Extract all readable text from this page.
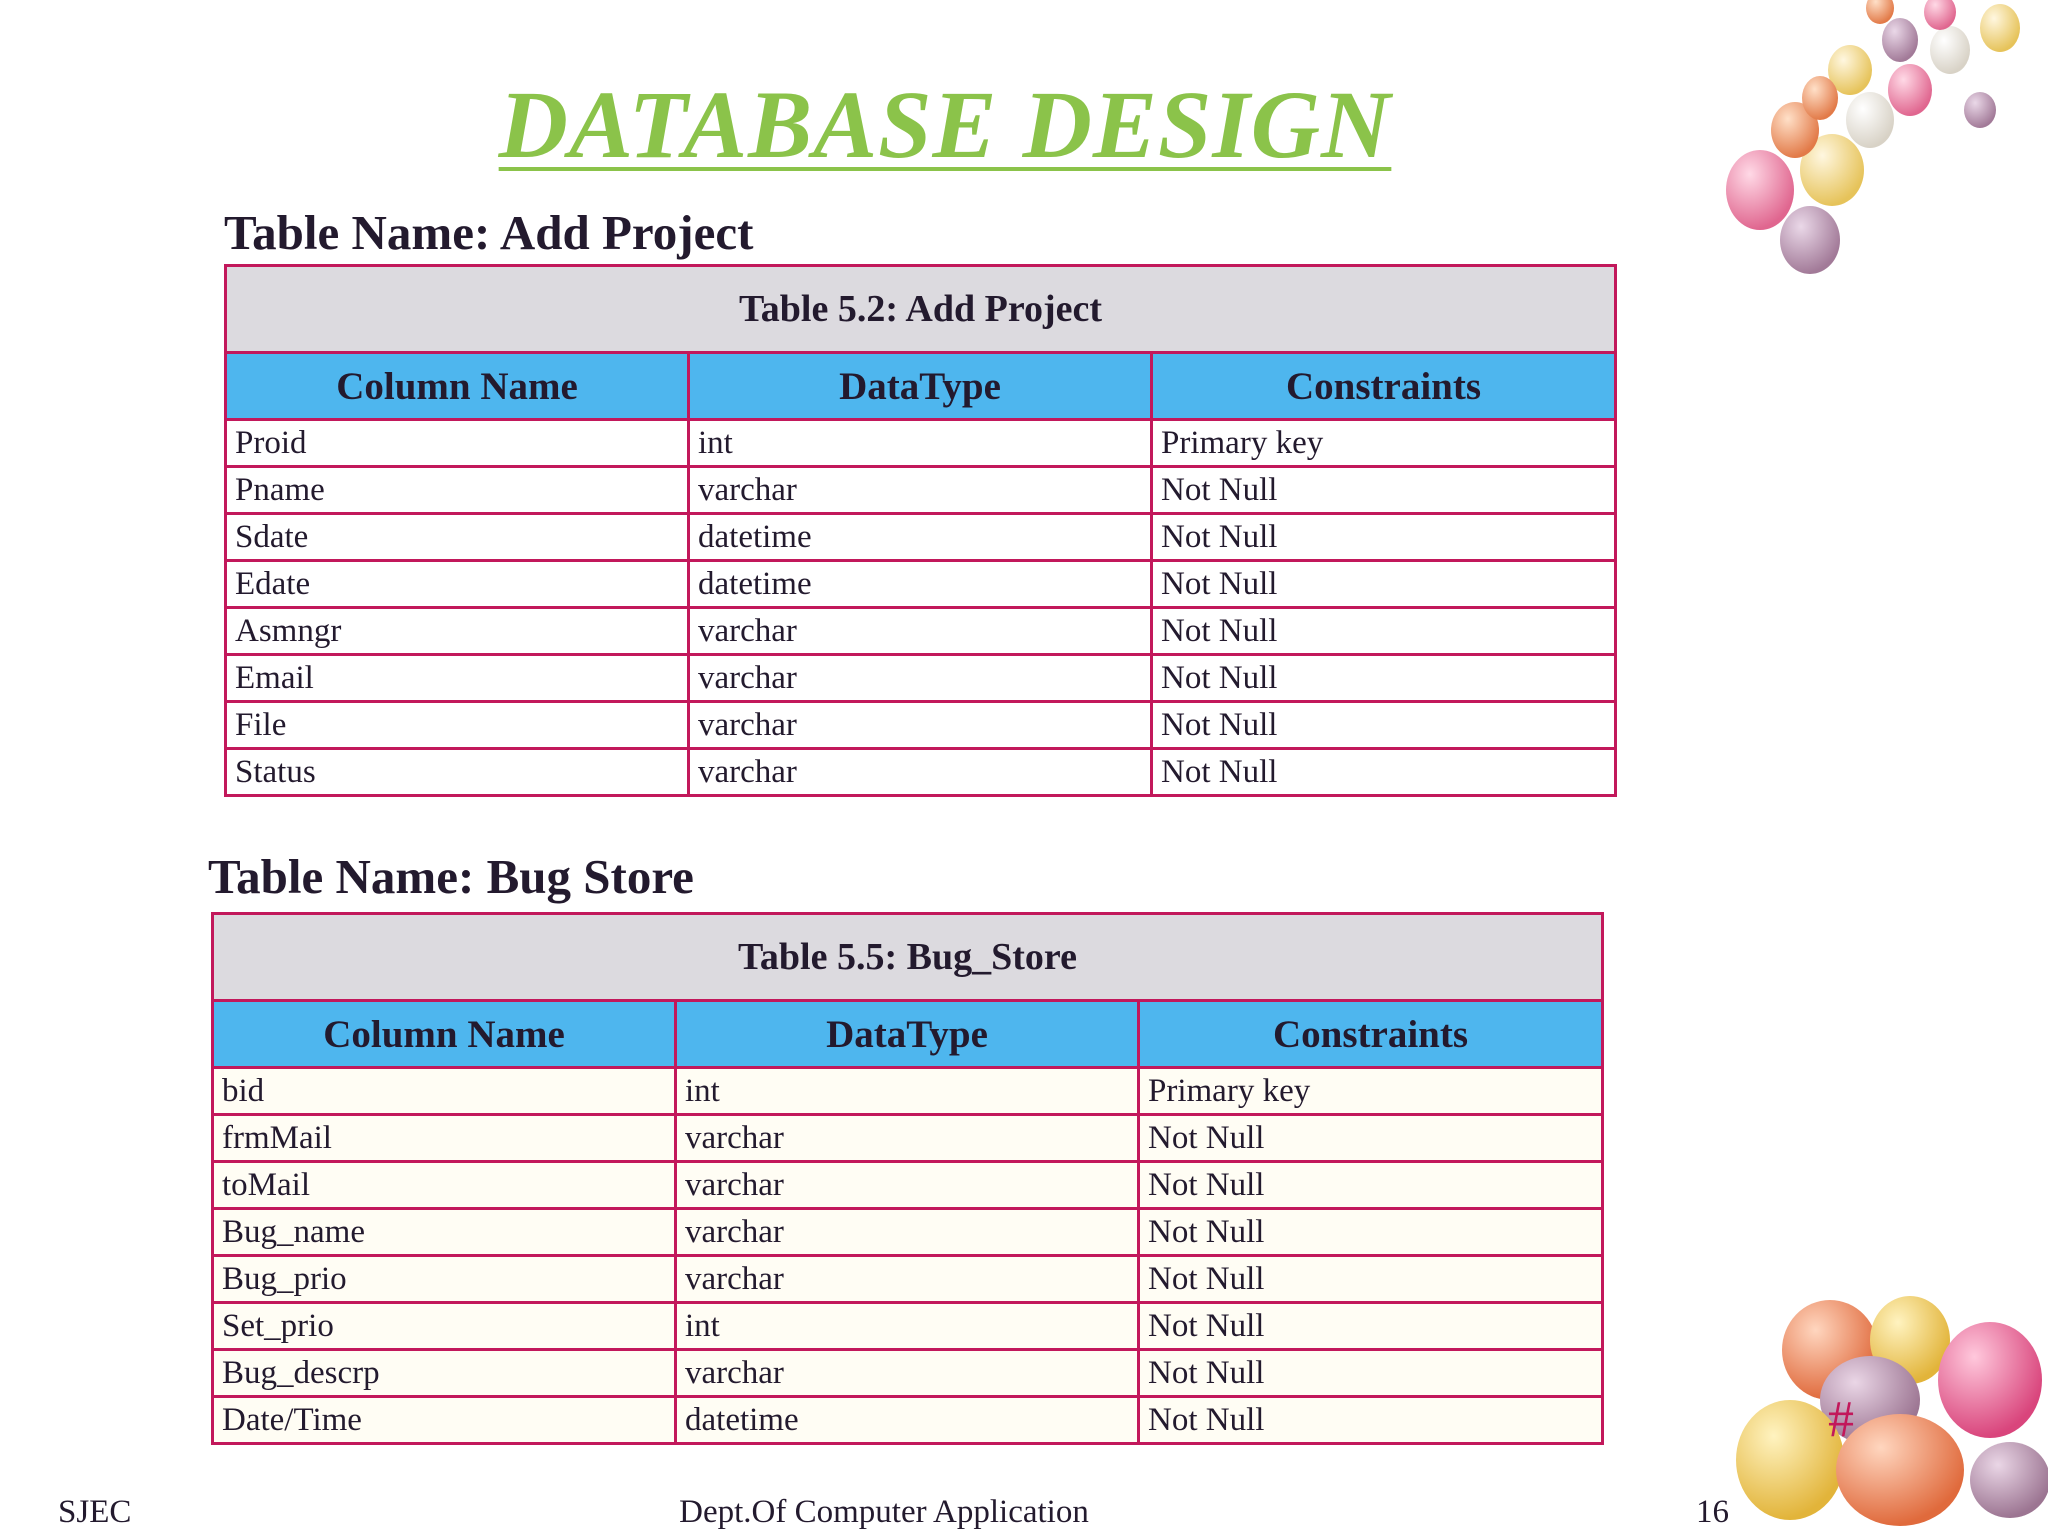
DATABASE DESIGN
Table Name: Add Project
Table 5.2: Add Project		
Column Name	DataType	Constraints
Proid	int	Primary key
Pname	varchar	Not Null
Sdate	datetime	Not Null
Edate	datetime	Not Null
Asmngr	varchar	Not Null
Email	varchar	Not Null
File	varchar	Not Null
Status	varchar	Not Null
Table Name: Bug Store
Table 5.5: Bug_Store		
Column Name	DataType	Constraints
bid	int	Primary key
frmMail	varchar	Not Null
toMail	varchar	Not Null
Bug_name	varchar	Not Null
Bug_prio	varchar	Not Null
Set_prio	int	Not Null
Bug_descrp	varchar	Not Null
Date/Time	datetime	Not Null	#
SJEC	Dept.Of Computer Application	16
